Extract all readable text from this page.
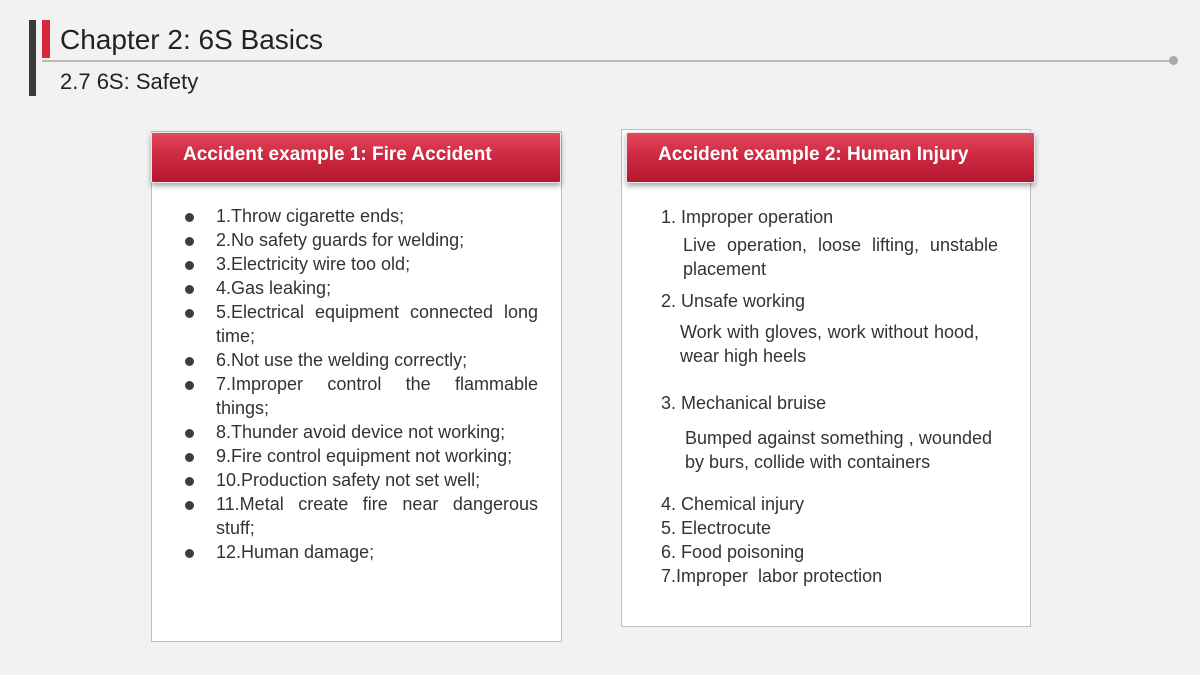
Chapter 2: 6S Basics
2.7 6S: Safety
Accident example 1: Fire Accident
1.Throw cigarette ends;
2.No safety guards for welding;
3.Electricity wire too old;
4.Gas leaking;
5.Electrical equipment connected long time;
6.Not use the welding correctly;
7.Improper control the flammable things;
8.Thunder avoid device not working;
9.Fire control equipment not working;
10.Production safety not set well;
11.Metal create fire near dangerous stuff;
12.Human damage;
Accident example 2: Human Injury
1. Improper operation
Live operation, loose lifting, unstable placement
2. Unsafe working
Work with gloves, work without hood, wear high heels
3. Mechanical bruise
Bumped against something , wounded by burs, collide with containers
4. Chemical injury
5. Electrocute
6. Food poisoning
7.Improper  labor protection
